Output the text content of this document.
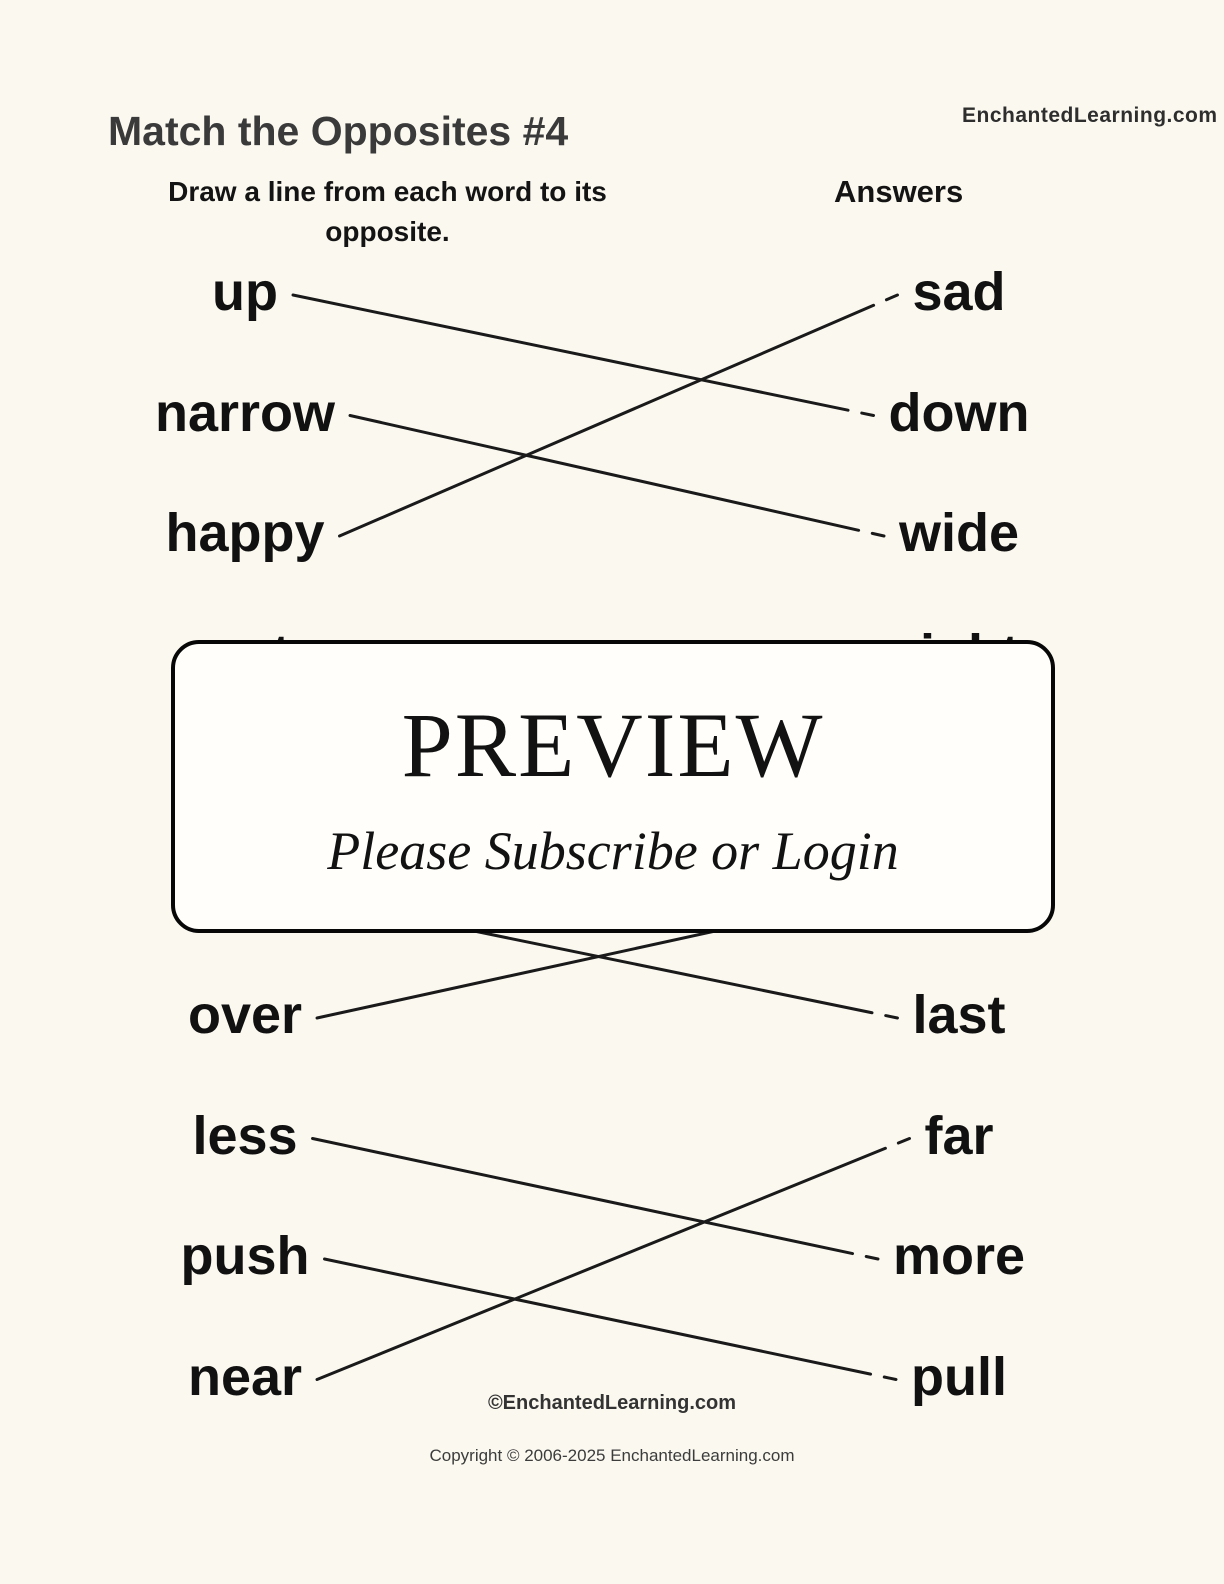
EnchantedLearning.com
Match the Opposites #4
Draw a line from each word to its
opposite.
Answers
up
narrow
happy
over
less
push
near
sad
down
wide
last
far
more
pull
PREVIEW
Please Subscribe or Login
©EnchantedLearning.com
Copyright © 2006-2025 EnchantedLearning.com
